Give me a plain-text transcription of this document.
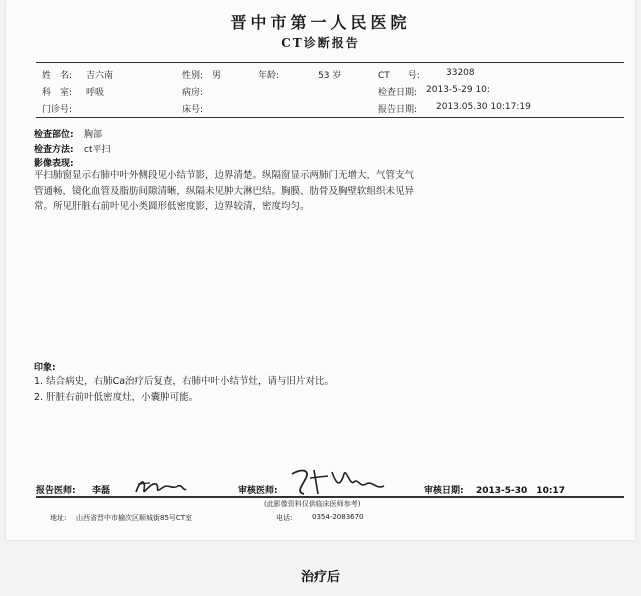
晋中市第一人民医院
CT诊断报告
姓　名: 吉六南	性别: 男	年龄:	53 岁	CT　　号:	33208
科　室: 呼吸	病房:	检查日期: 2013-5-29 10:
门诊号:	床号:	报告日期: 2013.05.30 10:17:19
检查部位: 胸部
检查方法: ct平扫
影像表现:
平扫肺窗显示右肺中叶外侧段见小结节影，边界清楚。纵隔窗显示两肺门无增大，气管支气
管通畅，镜化血管及脂肪间隙清晰，纵隔未见肿大淋巴结。胸膜、肋骨及胸壁软组织未见异
常。所见肝脏右前叶见小类圆形低密度影，边界较清，密度均匀。
印象:
1. 结合病史，右肺Ca治疗后复查，右肺中叶小结节灶，请与旧片对比。
2. 肝脏右前叶低密度灶，小囊肿可能。
报告医师: 李磊	审核医师:	审核日期: 2013-5-30　10:17
(此影像资料仅供临床医师参考)
地址: 山西省晋中市榆次区顺城街85号CT室	电话:	0354-2083670
治疗后
